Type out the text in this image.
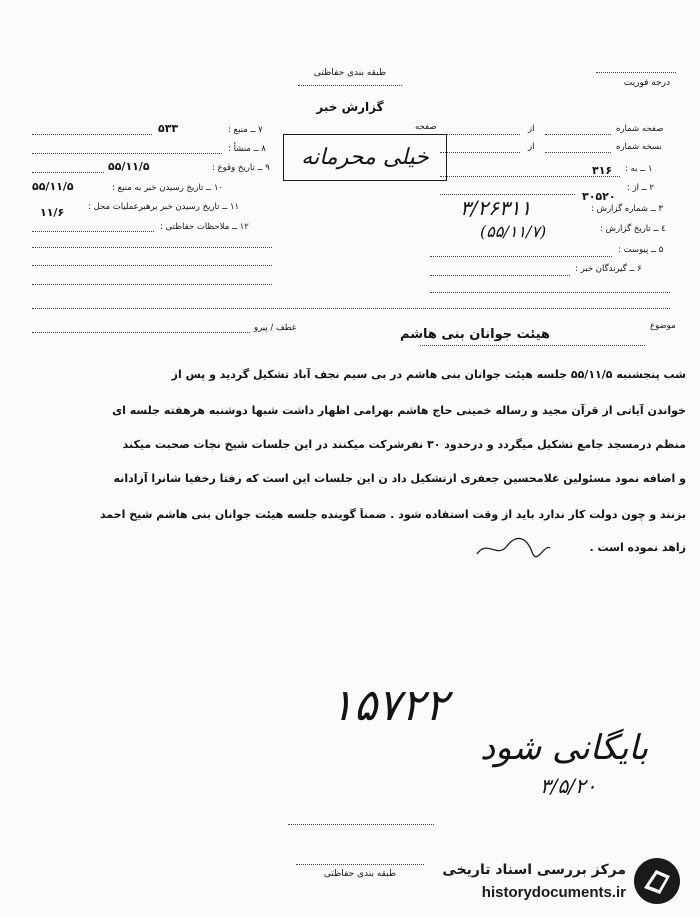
طبقه بندی حفاظتی
درجه فوریت
گزارش خبر
صفحه	صفحه شماره
از
نسخه شماره
از
خیلی محرمانه
۷ ــ منبع :
۵۳۳
۸ ــ منشأ :
۹ ــ تاریخ وقوع :
۵۵/۱۱/۵
۱۰ ــ تاریخ رسیدن خبر به منبع :
۵۵/۱۱/۵
۱۱ ــ تاریخ رسیدن خبر برهبرعملیات محل :
۱۱/۶
۱۲ ــ ملاحظات حفاظتی :
۱ ــ به :
۳۱۶
۲ ــ از :
۳۰۵۲۰
۳ ــ شماره گزارش :
۳/۲۶۳۱۱
٤ ــ تاریخ گزارش :
(۵۵/۱۱/۷)
۵ ــ پیوست :
۶ ــ گیرندگان خبر :
موضوع
عطف / پیرو	هیئت جوانان بنی هاشم
شب پنجشنبه ۵۵/۱۱/۵ جلسه هیئت جوانان بنی هاشم در بی سیم نجف آباد تشکیل گردید و پس از
خواندن آیاتی از قرآن مجید و رساله خمینی حاج هاشم بهرامی اظهار داشت شبها دوشنبه هرهفته جلسه ای
منظم درمسجد جامع تشکیل میگردد و درحدود ۳۰ نفرشرکت میکنند در این جلسات شیخ نجات صحبت میکند
و اضافه نمود مسئولین غلامحسین جعفری ازتشکیل داد ن این جلسات این است که رفتا رخفیا شانرا آزادانه
بزنند و چون دولت کار ندارد باید از وقت استفاده شود . ضمناً گوینده جلسه هیئت جوانان بنی هاشم شیخ احمد
زاهد نموده است .
۱۵۷۲۲
بایگانی شود
۳/۵/۲۰
طبقه بندی حفاظتی	مرکز بررسی اسناد تاریخی
historydocuments.ir
